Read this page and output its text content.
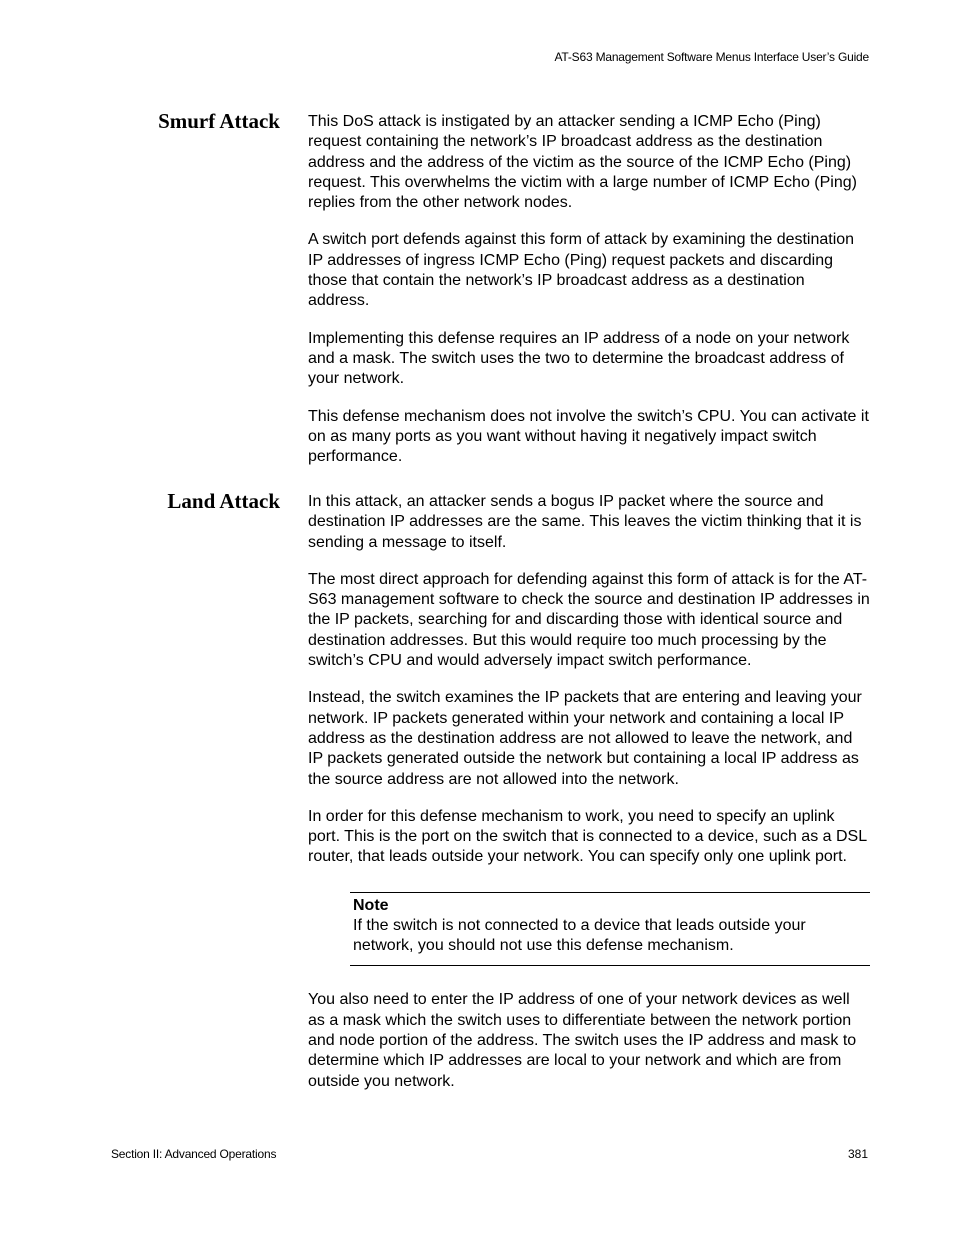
AT-S63 Management Software Menus Interface User’s Guide
Smurf Attack This DoS attack is instigated by an attacker sending a ICMP Echo (Ping) request containing the network’s IP broadcast address as the destination address and the address of the victim as the source of the ICMP Echo (Ping) request. This overwhelms the victim with a large number of ICMP Echo (Ping) replies from the other network nodes.

A switch port defends against this form of attack by examining the destination IP addresses of ingress ICMP Echo (Ping) request packets and discarding those that contain the network’s IP broadcast address as a destination address.

Implementing this defense requires an IP address of a node on your network and a mask. The switch uses the two to determine the broadcast address of your network.

This defense mechanism does not involve the switch’s CPU. You can activate it on as many ports as you want without having it negatively impact switch performance.

Land Attack In this attack, an attacker sends a bogus IP packet where the source and destination IP addresses are the same. This leaves the victim thinking that it is sending a message to itself.

The most direct approach for defending against this form of attack is for the AT-S63 management software to check the source and destination IP addresses in the IP packets, searching for and discarding those with identical source and destination addresses. But this would require too much processing by the switch’s CPU and would adversely impact switch performance.

Instead, the switch examines the IP packets that are entering and leaving your network. IP packets generated within your network and containing a local IP address as the destination address are not allowed to leave the network, and IP packets generated outside the network but containing a local IP address as the source address are not allowed into the network.

In order for this defense mechanism to work, you need to specify an uplink port. This is the port on the switch that is connected to a device, such as a DSL router, that leads outside your network. You can specify only one uplink port.

Note
If the switch is not connected to a device that leads outside your network, you should not use this defense mechanism.

You also need to enter the IP address of one of your network devices as well as a mask which the switch uses to differentiate between the network portion and node portion of the address. The switch uses the IP address and mask to determine which IP addresses are local to your network and which are from outside you network.

Section II: Advanced Operations	381
